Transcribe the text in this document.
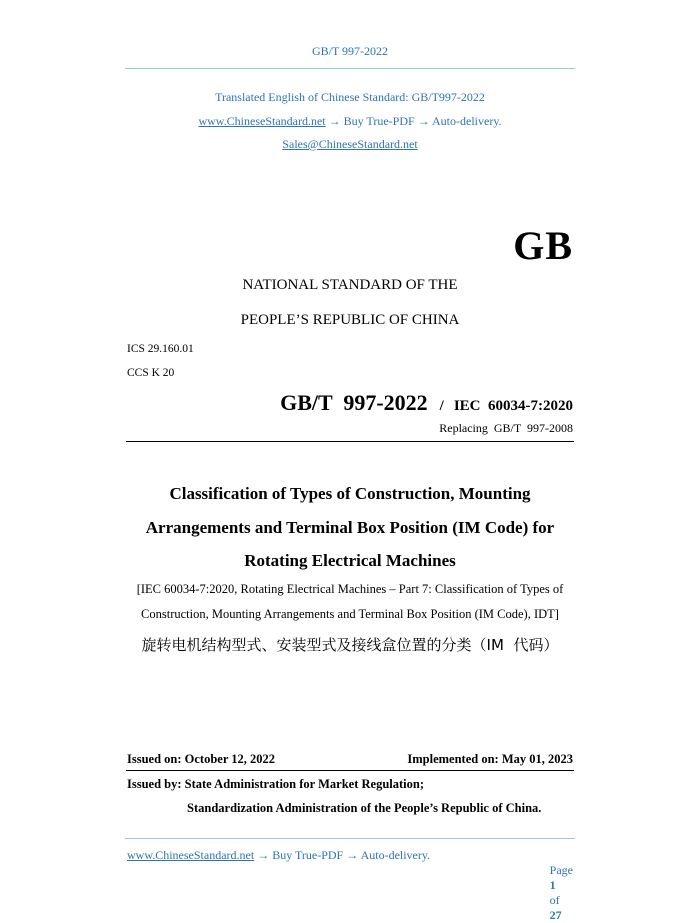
GB/T 997-2022
Translated English of Chinese Standard: GB/T997-2022
www.ChineseStandard.net → Buy True-PDF → Auto-delivery.
Sales@ChineseStandard.net
GB
NATIONAL STANDARD OF THE
PEOPLE’S REPUBLIC OF CHINA
ICS 29.160.01
CCS K 20
GB/T  997-2022 / IEC  60034-7:2020
Replacing  GB/T  997-2008
Classification of Types of Construction, Mounting
Arrangements and Terminal Box Position (IM Code) for
Rotating Electrical Machines
[IEC 60034-7:2020, Rotating Electrical Machines – Part 7: Classification of Types of
Construction, Mounting Arrangements and Terminal Box Position (IM Code), IDT]
旋转电机结构型式、安装型式及接线盒位置的分类（IM  代码）
Issued on: October 12, 2022	Implemented on: May 01, 2023
Issued by: State Administration for Market Regulation;
Standardization Administration of the People’s Republic of China.
www.ChineseStandard.net → Buy True-PDF → Auto-delivery.

Page
1
of
27
